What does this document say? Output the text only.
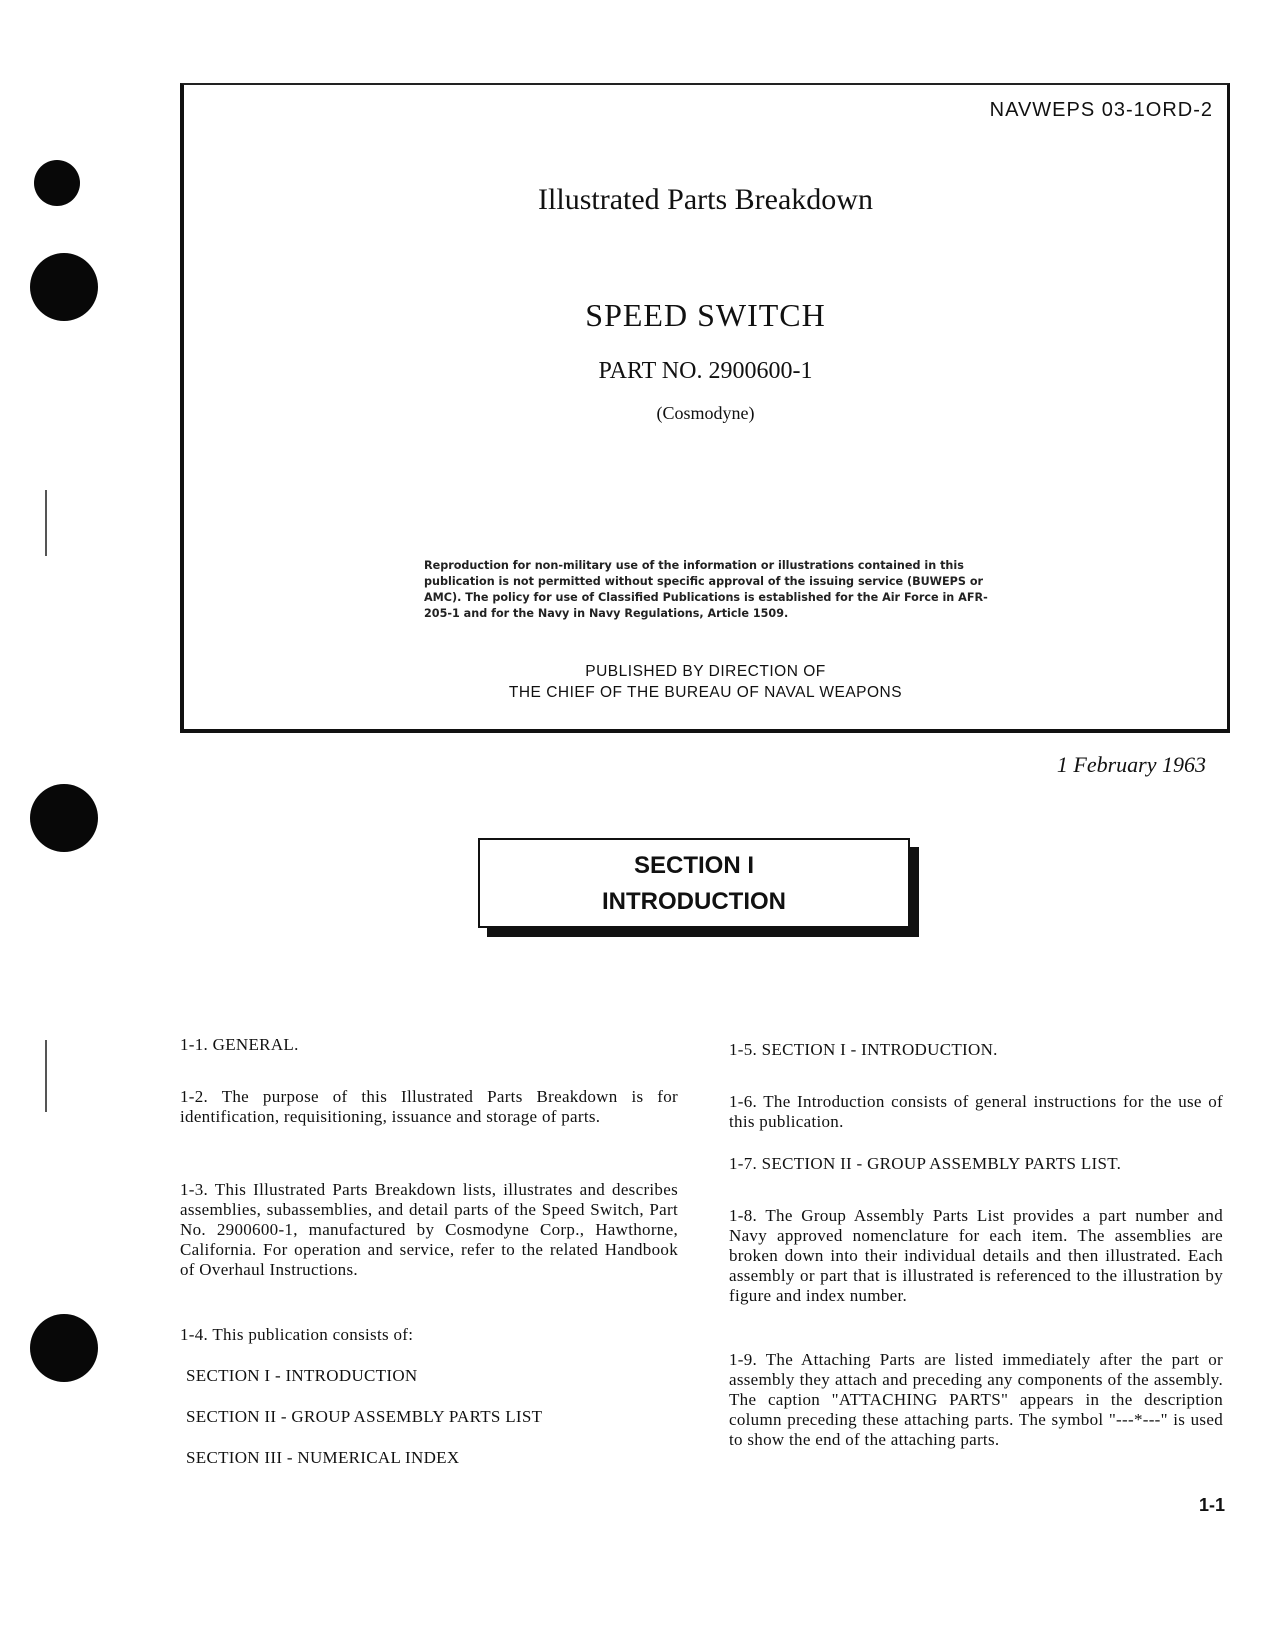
NAVWEPS 03-1ORD-2
Illustrated Parts Breakdown
SPEED SWITCH
PART NO. 2900600-1
(Cosmodyne)
Reproduction for non-military use of the information or illustrations contained in this publication is not permitted without specific approval of the issuing service (BUWEPS or AMC). The policy for use of Classified Publications is established for the Air Force in AFR-205-1 and for the Navy in Navy Regulations, Article 1509.
PUBLISHED BY DIRECTION OF
THE CHIEF OF THE BUREAU OF NAVAL WEAPONS
1 February 1963
SECTION I
INTRODUCTION
1-1. GENERAL.
1-2. The purpose of this Illustrated Parts Breakdown is for identification, requisitioning, issuance and storage of parts.
1-3. This Illustrated Parts Breakdown lists, illustrates and describes assemblies, subassemblies, and detail parts of the Speed Switch, Part No. 2900600-1, manufactured by Cosmodyne Corp., Hawthorne, California. For operation and service, refer to the related Handbook of Overhaul Instructions.
1-4. This publication consists of:
SECTION I - INTRODUCTION
SECTION II - GROUP ASSEMBLY PARTS LIST
SECTION III - NUMERICAL INDEX
1-5. SECTION I - INTRODUCTION.
1-6. The Introduction consists of general instructions for the use of this publication.
1-7. SECTION II - GROUP ASSEMBLY PARTS LIST.
1-8. The Group Assembly Parts List provides a part number and Navy approved nomenclature for each item. The assemblies are broken down into their individual details and then illustrated. Each assembly or part that is illustrated is referenced to the illustration by figure and index number.
1-9. The Attaching Parts are listed immediately after the part or assembly they attach and preceding any components of the assembly. The caption "ATTACHING PARTS" appears in the description column preceding these attaching parts. The symbol "---*---" is used to show the end of the attaching parts.
1-1
